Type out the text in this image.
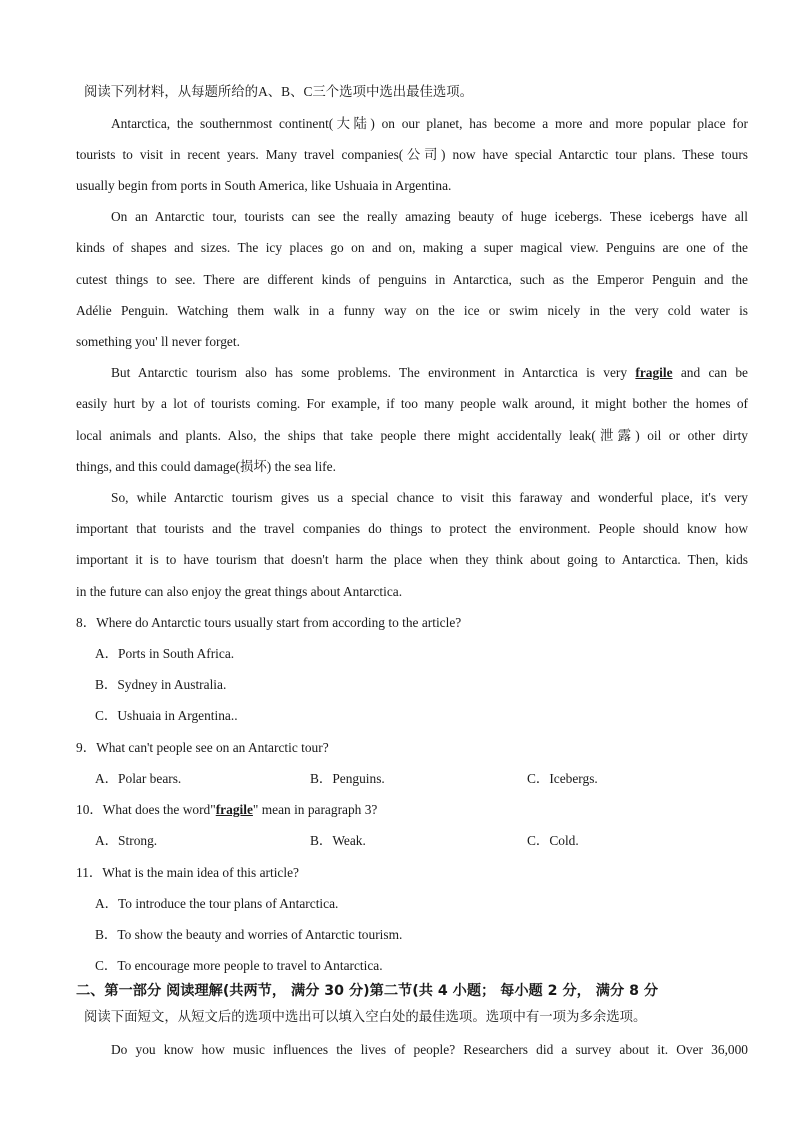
阅读下列材料，从每题所给的A、B、C三个选项中选出最佳选项。
Antarctica, the southernmost continent(大陆) on our planet, has become a more and more popular place for
tourists to visit in recent years. Many travel companies(公司) now have special Antarctic tour plans. These tours
usually begin from ports in South America, like Ushuaia in Argentina.
On an Antarctic tour, tourists can see the really amazing beauty of huge icebergs. These icebergs have all
kinds of shapes and sizes. The icy places go on and on, making a super magical view. Penguins are one of the
cutest things to see. There are different kinds of penguins in Antarctica, such as the Emperor Penguin and the
Adélie Penguin. Watching them walk in a funny way on the ice or swim nicely in the very cold water is
something you' ll never forget.
But Antarctic tourism also has some problems. The environment in Antarctica is very fragile and can be
easily hurt by a lot of tourists coming. For example, if too many people walk around, it might bother the homes of
local animals and plants. Also, the ships that take people there might accidentally leak(泄露) oil or other dirty
things, and this could damage(损坏) the sea life.
So, while Antarctic tourism gives us a special chance to visit this faraway and wonderful place, it's very
important that tourists and the travel companies do things to protect the environment. People should know how
important it is to have tourism that doesn't harm the place when they think about going to Antarctica. Then, kids
in the future can also enjoy the great things about Antarctica.
8．Where do Antarctic tours usually start from according to the article?
A．Ports in South Africa.
B．Sydney in Australia.
C．Ushuaia in Argentina..
9．What can't people see on an Antarctic tour?
A．Polar bears.	B．Penguins.	C．Icebergs.
10．What does the word"fragile" mean in paragraph 3?
A．Strong.	B．Weak.	C．Cold.
11．What is the main idea of this article?
A．To introduce the tour plans of Antarctica.
B．To show the beauty and worries of Antarctic tourism.
C．To encourage more people to travel to Antarctica.
二、第一部分 阅读理解(共两节， 满分 30 分)第二节(共 4 小题； 每小题 2 分， 满分 8 分
阅读下面短文，从短文后的选项中选出可以填入空白处的最佳选项。选项中有一项为多余选项。
Do you know how music influences the lives of people? Researchers did a survey about it. Over 36,000
